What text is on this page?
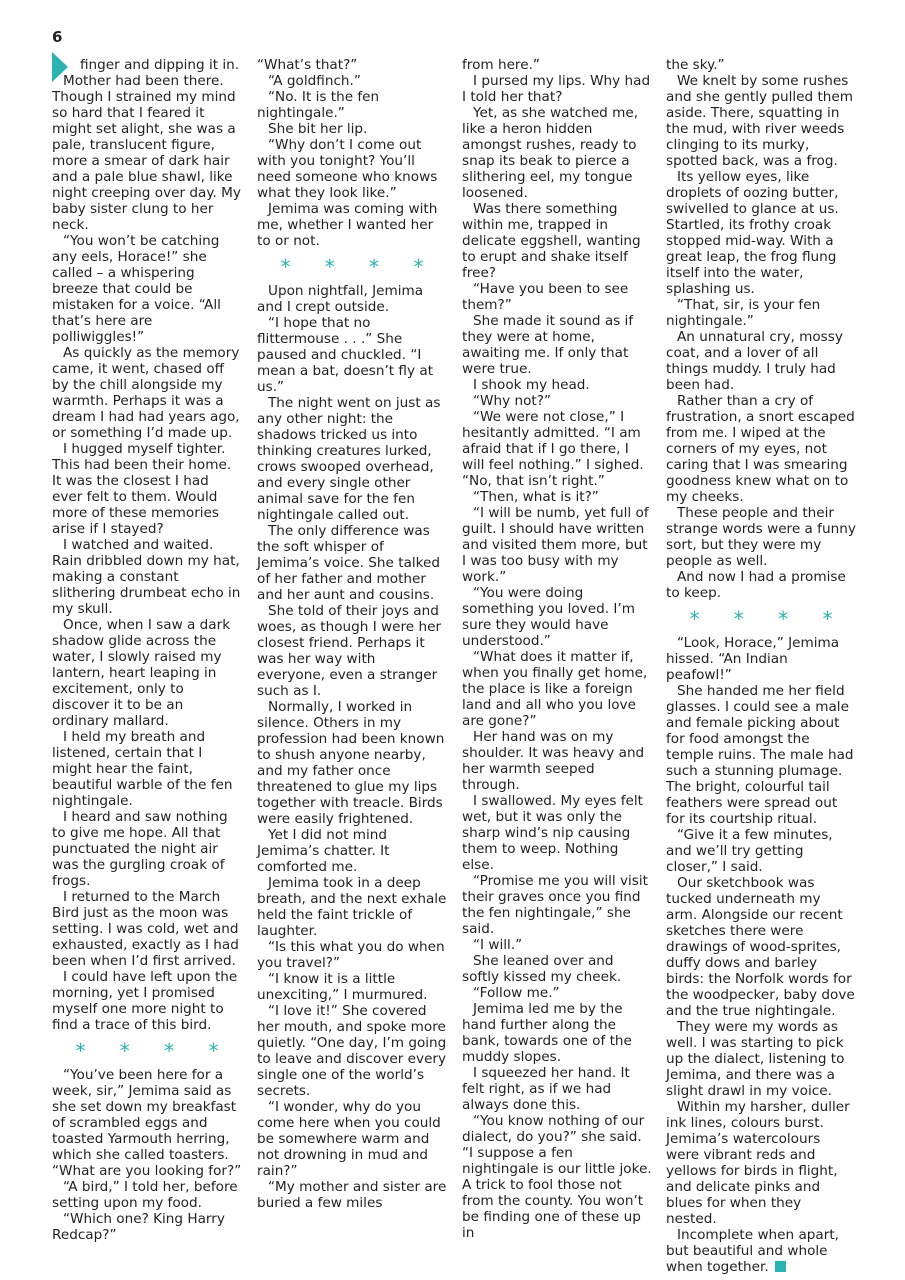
6

finger and dipping it in.

Mother had been there. Though I strained my mind so hard that I feared it might set alight, she was a pale, translucent figure, more a smear of dark hair and a pale blue shawl, like night creeping over day. My baby sister clung to her neck.

“You won’t be catching any eels, Horace!” she called – a whispering breeze that could be mistaken for a voice. “All that’s here are polliwiggles!”

As quickly as the memory came, it went, chased off by the chill alongside my warmth. Perhaps it was a dream I had had years ago, or something I’d made up.

I hugged myself tighter. This had been their home. It was the closest I had ever felt to them. Would more of these memories arise if I stayed?

I watched and waited. Rain dribbled down my hat, making a constant slithering drumbeat echo in my skull.

Once, when I saw a dark shadow glide across the water, I slowly raised my lantern, heart leaping in excitement, only to discover it to be an ordinary mallard.

I held my breath and listened, certain that I might hear the faint, beautiful warble of the fen nightingale.

I heard and saw nothing to give me hope. All that punctuated the night air was the gurgling croak of frogs.

I returned to the March Bird just as the moon was setting. I was cold, wet and exhausted, exactly as I had been when I’d first arrived.

I could have left upon the morning, yet I promised myself one more night to find a trace of this bird.

* * * *

“You’ve been here for a week, sir,” Jemima said as she set down my breakfast of scrambled eggs and toasted Yarmouth herring, which she called toasters. “What are you looking for?”

“A bird,” I told her, before setting upon my food.

“Which one? King Harry Redcap?”

“What’s that?”

“A goldfinch.”

“No. It is the fen nightingale.”

She bit her lip.

“Why don’t I come out with you tonight? You’ll need someone who knows what they look like.”

Jemima was coming with me, whether I wanted her to or not.

* * * *

Upon nightfall, Jemima and I crept outside.

“I hope that no flittermouse . . .” She paused and chuckled. “I mean a bat, doesn’t fly at us.”

The night went on just as any other night: the shadows tricked us into thinking creatures lurked, crows swooped overhead, and every single other animal save for the fen nightingale called out.

The only difference was the soft whisper of Jemima’s voice. She talked of her father and mother and her aunt and cousins.

She told of their joys and woes, as though I were her closest friend. Perhaps it was her way with everyone, even a stranger such as I.

Normally, I worked in silence. Others in my profession had been known to shush anyone nearby, and my father once threatened to glue my lips together with treacle. Birds were easily frightened.

Yet I did not mind Jemima’s chatter. It comforted me.

Jemima took in a deep breath, and the next exhale held the faint trickle of laughter.

“Is this what you do when you travel?”

“I know it is a little unexciting,” I murmured.

“I love it!” She covered her mouth, and spoke more quietly. “One day, I’m going to leave and discover every single one of the world’s secrets.

“I wonder, why do you come here when you could be somewhere warm and not drowning in mud and rain?”

“My mother and sister are buried a few miles

from here.”

I pursed my lips. Why had I told her that?

Yet, as she watched me, like a heron hidden amongst rushes, ready to snap its beak to pierce a slithering eel, my tongue loosened.

Was there something within me, trapped in delicate eggshell, wanting to erupt and shake itself free?

“Have you been to see them?”

She made it sound as if they were at home, awaiting me. If only that were true.

I shook my head.

“Why not?”

“We were not close,” I hesitantly admitted. “I am afraid that if I go there, I will feel nothing.” I sighed. “No, that isn’t right.”

“Then, what is it?”

“I will be numb, yet full of guilt. I should have written and visited them more, but I was too busy with my work.”

“You were doing something you loved. I’m sure they would have understood.”

“What does it matter if, when you finally get home, the place is like a foreign land and all who you love are gone?”

Her hand was on my shoulder. It was heavy and her warmth seeped through.

I swallowed. My eyes felt wet, but it was only the sharp wind’s nip causing them to weep. Nothing else.

“Promise me you will visit their graves once you find the fen nightingale,” she said.

“I will.”

She leaned over and softly kissed my cheek.

“Follow me.”

Jemima led me by the hand further along the bank, towards one of the muddy slopes.

I squeezed her hand. It felt right, as if we had always done this.

“You know nothing of our dialect, do you?” she said. “I suppose a fen nightingale is our little joke. A trick to fool those not from the county. You won’t be finding one of these up in

the sky.”

We knelt by some rushes and she gently pulled them aside. There, squatting in the mud, with river weeds clinging to its murky, spotted back, was a frog.

Its yellow eyes, like droplets of oozing butter, swivelled to glance at us. Startled, its frothy croak stopped mid-way. With a great leap, the frog flung itself into the water, splashing us.

“That, sir, is your fen nightingale.”

An unnatural cry, mossy coat, and a lover of all things muddy. I truly had been had.

Rather than a cry of frustration, a snort escaped from me. I wiped at the corners of my eyes, not caring that I was smearing goodness knew what on to my cheeks.

These people and their strange words were a funny sort, but they were my people as well.

And now I had a promise to keep.

* * * *

“Look, Horace,” Jemima hissed. “An Indian peafowl!”

She handed me her field glasses. I could see a male and female picking about for food amongst the temple ruins. The male had such a stunning plumage. The bright, colourful tail feathers were spread out for its courtship ritual.

“Give it a few minutes, and we’ll try getting closer,” I said.

Our sketchbook was tucked underneath my arm. Alongside our recent sketches there were drawings of wood-sprites, duffy dows and barley birds: the Norfolk words for the woodpecker, baby dove and the true nightingale.

They were my words as well. I was starting to pick up the dialect, listening to Jemima, and there was a slight drawl in my voice.

Within my harsher, duller ink lines, colours burst. Jemima’s watercolours were vibrant reds and yellows for birds in flight, and delicate pinks and blues for when they nested.

Incomplete when apart, but beautiful and whole when together.
